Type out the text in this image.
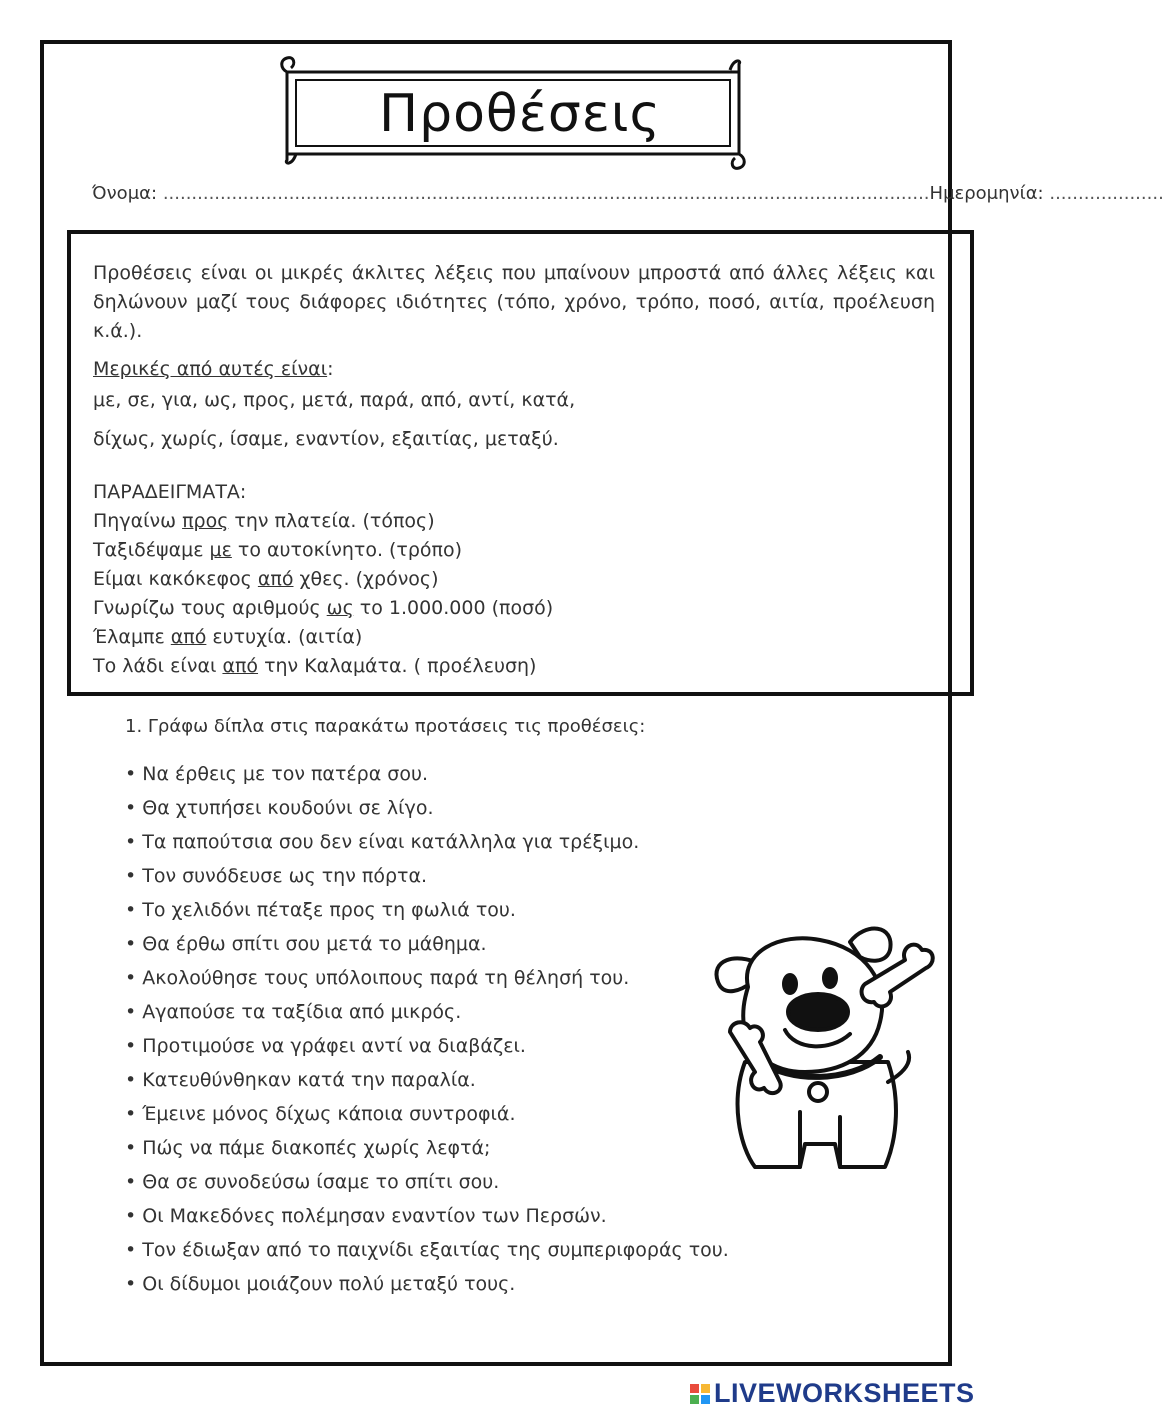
Προθέσεις
Όνομα: ......................................................................................................................................Ημερομηνία: ....................
Προθέσεις είναι οι μικρές άκλιτες λέξεις που μπαίνουν μπροστά από άλλες λέξεις και δηλώνουν μαζί τους διάφορες ιδιότητες (τόπο, χρόνο, τρόπο, ποσό, αιτία, προέλευση κ.ά.).
Μερικές από αυτές είναι:
με, σε, για, ως, προς, μετά, παρά, από, αντί, κατά,
δίχως, χωρίς, ίσαμε, εναντίον, εξαιτίας, μεταξύ.
ΠΑΡΑΔΕΙΓΜΑΤΑ:
Πηγαίνω προς την πλατεία. (τόπος)
Ταξιδέψαμε με το αυτοκίνητο. (τρόπο)
Είμαι κακόκεφος από χθες. (χρόνος)
Γνωρίζω τους αριθμούς ως το 1.000.000 (ποσό)
Έλαμπε από ευτυχία. (αιτία)
Το λάδι είναι από την Καλαμάτα. ( προέλευση)
1. Γράφω δίπλα στις παρακάτω προτάσεις τις προθέσεις:
• Να έρθεις με τον πατέρα σου.
• Θα χτυπήσει κουδούνι σε λίγο.
• Τα παπούτσια σου δεν είναι κατάλληλα για τρέξιμο.
• Τον συνόδευσε ως την πόρτα.
• Το χελιδόνι πέταξε προς τη φωλιά του.
• Θα έρθω σπίτι σου μετά το μάθημα.
• Ακολούθησε τους υπόλοιπους παρά τη θέλησή του.
• Αγαπούσε τα ταξίδια από μικρός.
• Προτιμούσε να γράφει αντί να διαβάζει.
• Κατευθύνθηκαν κατά την παραλία.
• Έμεινε μόνος δίχως κάποια συντροφιά.
• Πώς να πάμε διακοπές χωρίς λεφτά;
• Θα σε συνοδεύσω ίσαμε το σπίτι σου.
• Οι Μακεδόνες πολέμησαν εναντίον των Περσών.
• Τον έδιωξαν από το παιχνίδι εξαιτίας της συμπεριφοράς του.
• Οι δίδυμοι μοιάζουν πολύ μεταξύ τους.
LIVEWORKSHEETS
